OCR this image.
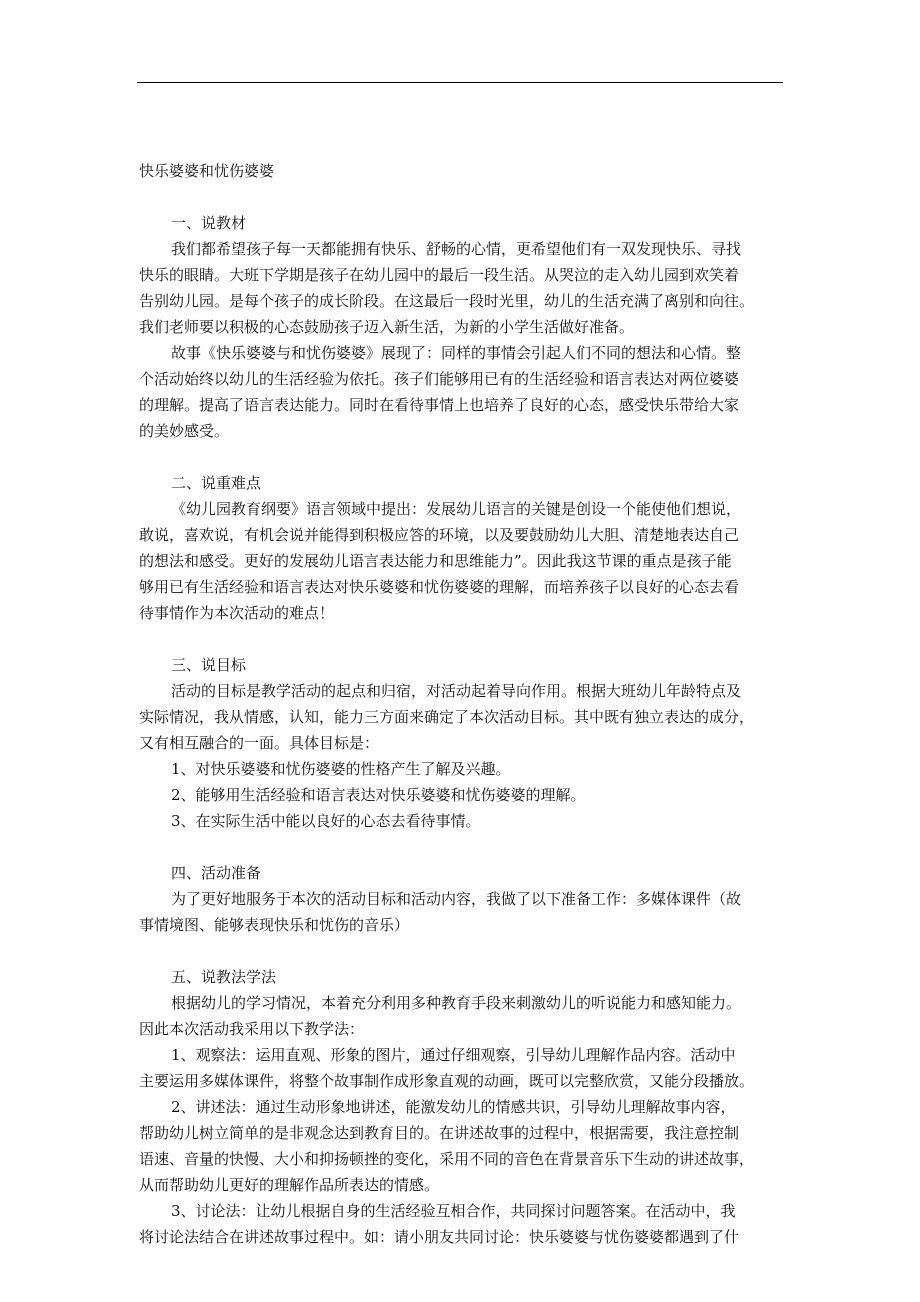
快乐婆婆和忧伤婆婆
一、说教材
我们都希望孩子每一天都能拥有快乐、舒畅的心情，更希望他们有一双发现快乐、寻找
快乐的眼睛。大班下学期是孩子在幼儿园中的最后一段生活。从哭泣的走入幼儿园到欢笑着
告别幼儿园。是每个孩子的成长阶段。在这最后一段时光里，幼儿的生活充满了离别和向往。
我们老师要以积极的心态鼓励孩子迈入新生活，为新的小学生活做好准备。
故事《快乐婆婆与和忧伤婆婆》展现了：同样的事情会引起人们不同的想法和心情。整
个活动始终以幼儿的生活经验为依托。孩子们能够用已有的生活经验和语言表达对两位婆婆
的理解。提高了语言表达能力。同时在看待事情上也培养了良好的心态，感受快乐带给大家
的美妙感受。
二、说重难点
《幼儿园教育纲要》语言领域中提出：发展幼儿语言的关键是创设一个能使他们想说，
敢说，喜欢说，有机会说并能得到积极应答的环境，以及要鼓励幼儿大胆、清楚地表达自己
的想法和感受。更好的发展幼儿语言表达能力和思维能力”。因此我这节课的重点是孩子能
够用已有生活经验和语言表达对快乐婆婆和忧伤婆婆的理解，而培养孩子以良好的心态去看
待事情作为本次活动的难点！
三、说目标
活动的目标是教学活动的起点和归宿，对活动起着导向作用。根据大班幼儿年龄特点及
实际情况，我从情感，认知，能力三方面来确定了本次活动目标。其中既有独立表达的成分，
又有相互融合的一面。具体目标是：
1、对快乐婆婆和忧伤婆婆的性格产生了解及兴趣。
2、能够用生活经验和语言表达对快乐婆婆和忧伤婆婆的理解。
3、在实际生活中能以良好的心态去看待事情。
四、活动准备
为了更好地服务于本次的活动目标和活动内容，我做了以下准备工作：多媒体课件（故
事情境图、能够表现快乐和忧伤的音乐）
五、说教法学法
根据幼儿的学习情况，本着充分利用多种教育手段来刺激幼儿的听说能力和感知能力。
因此本次活动我采用以下教学法：
1、观察法：运用直观、形象的图片，通过仔细观察，引导幼儿理解作品内容。活动中
主要运用多媒体课件，将整个故事制作成形象直观的动画，既可以完整欣赏，又能分段播放。
2、讲述法：通过生动形象地讲述，能激发幼儿的情感共识，引导幼儿理解故事内容，
帮助幼儿树立简单的是非观念达到教育目的。在讲述故事的过程中，根据需要，我注意控制
语速、音量的快慢、大小和抑扬顿挫的变化，采用不同的音色在背景音乐下生动的讲述故事，
从而帮助幼儿更好的理解作品所表达的情感。
3、讨论法：让幼儿根据自身的生活经验互相合作，共同探讨问题答案。在活动中，我
将讨论法结合在讲述故事过程中。如：请小朋友共同讨论：快乐婆婆与忧伤婆婆都遇到了什
